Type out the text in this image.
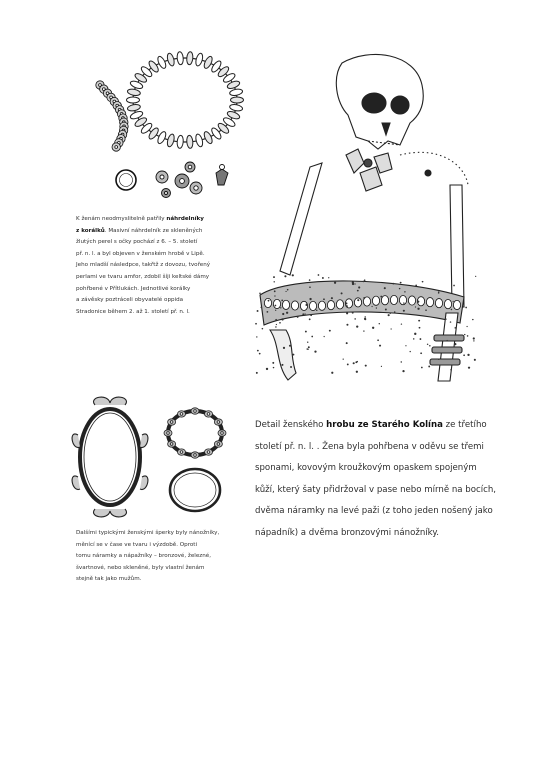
K ženám neodmyslitelně patřily náhrdelníky

z korálků. Masivní náhrdelník ze skleněných

žlutých perel s očky pochází z 6. – 5. století

př. n. l. a byl objeven v ženském hrobě v Lipě.

Jeho mladší následpce, takřtž z dovozu, tvořený

perlami ve tvaru amfor, zdobil šíji keltské dámy

pohřbené v Přítlukách. Jednotlivé korálky

a závěsky poztráceli obyvatelé oppida

Stradonice během 2. až 1. století př. n. l.

Detail ženského hrobu ze Starého Kolína ze třetího

století př. n. l. . Žena byla pohřbena v oděvu se třemi

sponami, kovovým kroužkovým opaskem spojeným

kůží, který šaty přidržoval v pase nebo mírně na bocích,

dvěma náramky na levé paži (z toho jeden nošený jako

nápadník) a dvěma bronzovými nánožníky.

Dalšími typickými ženskými šperky byly nánožníky,

měnící se v čase ve tvaru i výzdobě. Oproti

tomu náramky a nápažníky – bronzové, železné,

švartnové, nebo skleněné, byly vlastní ženám

stejně tak jako mužům.
